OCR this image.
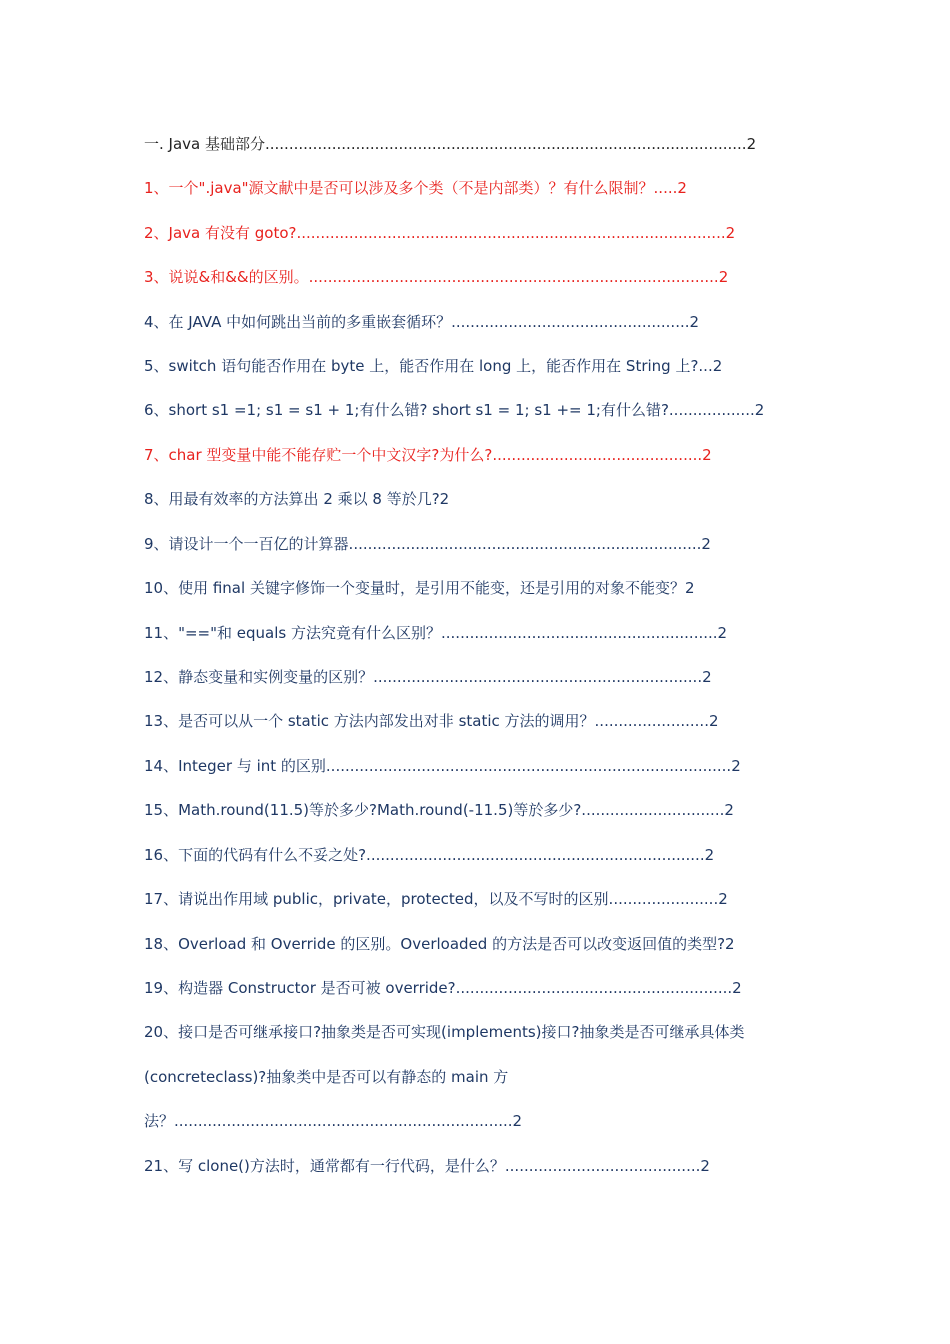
一. Java 基础部分.....................................................................................................2

1、一个".java"源文献中是否可以涉及多个类（不是内部类）？有什么限制？.....2

2、Java 有没有 goto?..........................................................................................2

3、说说&和&&的区别。......................................................................................2

4、在 JAVA 中如何跳出当前的多重嵌套循环？..................................................2

5、switch 语句能否作用在 byte 上，能否作用在 long 上，能否作用在 String 上?...2

6、short s1 =1; s1 = s1 + 1;有什么错? short s1 = 1; s1 += 1;有什么错?..................2

7、char 型变量中能不能存贮一个中文汉字?为什么?............................................2

8、用最有效率的方法算出 2 乘以 8 等於几?2

9、请设计一个一百亿的计算器..........................................................................2

10、使用 final 关键字修饰一个变量时，是引用不能变，还是引用的对象不能变？2

11、"=="和 equals 方法究竟有什么区别？..........................................................2

12、静态变量和实例变量的区别？.....................................................................2

13、是否可以从一个 static 方法内部发出对非 static 方法的调用？........................2

14、Integer 与 int 的区别.....................................................................................2

15、Math.round(11.5)等於多少?Math.round(-11.5)等於多少?..............................2

16、下面的代码有什么不妥之处?.......................................................................2

17、请说出作用域 public，private，protected，以及不写时的区别.......................2

18、Overload 和 Override 的区别。Overloaded 的方法是否可以改变返回值的类型?2

19、构造器 Constructor 是否可被 override?..........................................................2

20、接口是否可继承接口?抽象类是否可实现(implements)接口?抽象类是否可继承具体类

(concreteclass)?抽象类中是否可以有静态的 main 方

法？.......................................................................2

21、写 clone()方法时，通常都有一行代码，是什么？.........................................2
